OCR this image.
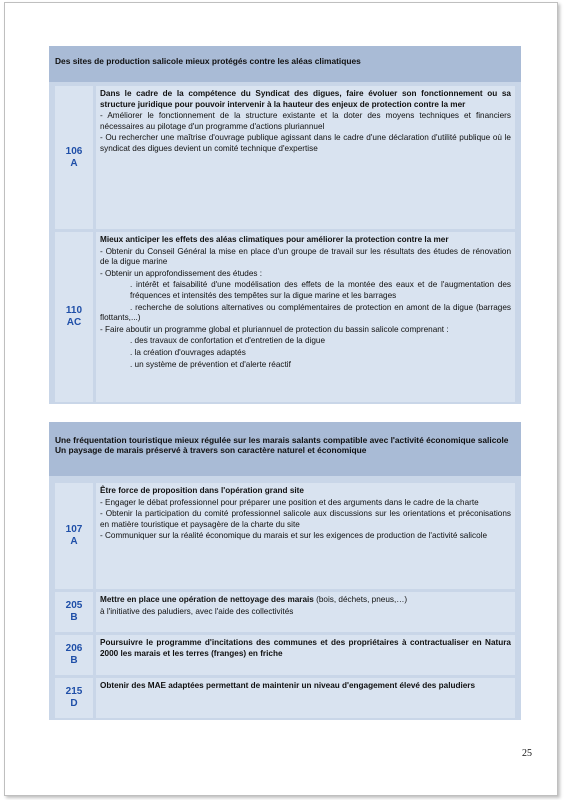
Des sites de production salicole mieux protégés contre les aléas climatiques
106
A

Dans le cadre de la compétence du Syndicat des digues, faire évoluer son fonctionnement ou sa structure juridique pour pouvoir intervenir à la hauteur des enjeux de protection contre la mer

- Améliorer le fonctionnement de la structure existante et la doter des moyens techniques et financiers nécessaires au pilotage d'un programme d'actions pluriannuel

- Ou rechercher une maîtrise d'ouvrage publique agissant dans le cadre d'une déclaration d'utilité publique où le syndicat des digues devient un comité technique d'expertise

110
AC

Mieux anticiper les effets des aléas climatiques pour améliorer la protection contre la mer

- Obtenir du Conseil Général la mise en place d'un groupe de travail sur les résultats des études de rénovation de la digue marine

- Obtenir un approfondissement des études :

. intérêt et faisabilité d'une modélisation des effets de la montée des eaux et de l'augmentation des fréquences et intensités des tempêtes sur la digue marine et les barrages

. recherche de solutions alternatives ou complémentaires de protection en amont de la digue (barrages flottants,...)

- Faire aboutir un programme global et pluriannuel de protection du bassin salicole comprenant :

. des travaux de confortation et d'entretien de la digue

. la création d'ouvrages adaptés

. un système de prévention et d'alerte réactif

Une fréquentation touristique mieux régulée sur les marais salants compatible avec l'activité économique salicole
Un paysage de marais préservé à travers son caractère naturel et économique
107
A

Être force de proposition dans l'opération grand site

- Engager le débat professionnel pour préparer une position et des arguments dans le cadre de la charte

- Obtenir la participation du comité professionnel salicole aux discussions sur les orientations et préconisations en matière touristique et paysagère de la charte du site

- Communiquer sur la réalité économique du marais et sur les exigences de production de l'activité salicole

205
B

Mettre en place une opération de nettoyage des marais (bois, déchets, pneus,…)

à l'initiative des paludiers, avec l'aide des collectivités

206
B

Poursuivre le programme d'incitations des communes et des propriétaires à contractualiser en Natura 2000 les marais et les terres (franges) en friche

215
D

Obtenir des MAE adaptées permettant de maintenir un niveau d'engagement élevé des paludiers

25
